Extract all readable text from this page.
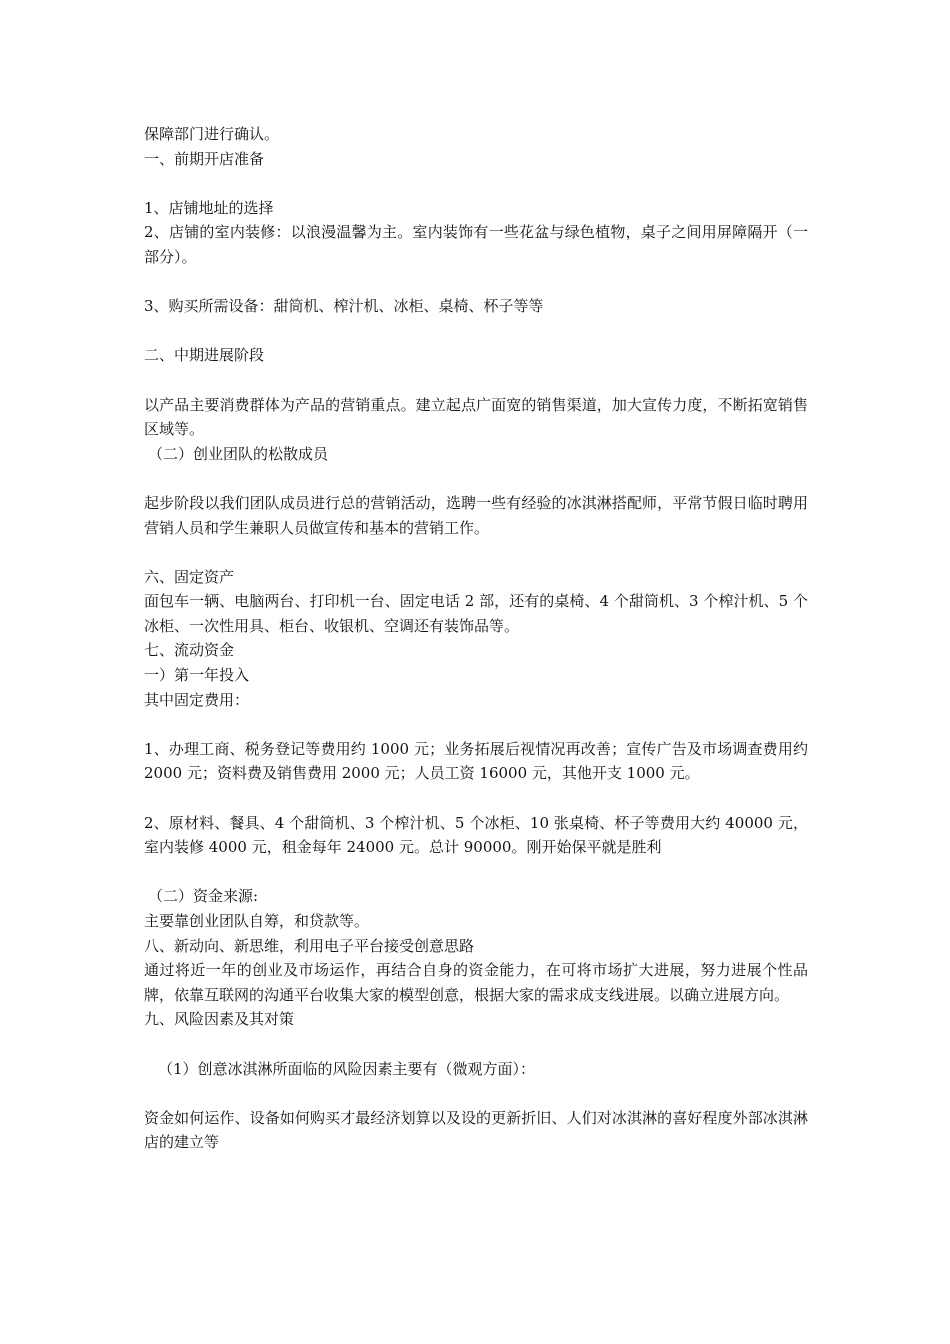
保障部门进行确认。

一、前期开店准备

1、店铺地址的选择

2、店铺的室内装修：以浪漫温馨为主。室内装饰有一些花盆与绿色植物，桌子之间用屏障隔开（一部分）。

3、购买所需设备：甜筒机、榨汁机、冰柜、桌椅、杯子等等

二、中期进展阶段

以产品主要消费群体为产品的营销重点。建立起点广面宽的销售渠道，加大宣传力度，不断拓宽销售区域等。

（二）创业团队的松散成员

起步阶段以我们团队成员进行总的营销活动，选聘一些有经验的冰淇淋搭配师，平常节假日临时聘用营销人员和学生兼职人员做宣传和基本的营销工作。

六、固定资产

面包车一辆、电脑两台、打印机一台、固定电话 2 部，还有的桌椅、4 个甜筒机、3 个榨汁机、5 个冰柜、一次性用具、柜台、收银机、空调还有装饰品等。

七、流动资金

一）第一年投入

其中固定费用：

1、办理工商、税务登记等费用约 1000 元；业务拓展后视情况再改善；宣传广告及市场调查费用约 2000 元；资料费及销售费用 2000 元；人员工资 16000 元，其他开支 1000 元。

2、原材料、餐具、4 个甜筒机、3 个榨汁机、5 个冰柜、10 张桌椅、杯子等费用大约 40000 元，室内装修 4000 元，租金每年 24000 元。总计 90000。刚开始保平就是胜利

（二）资金来源:

主要靠创业团队自筹，和贷款等。

八、新动向、新思维，利用电子平台接受创意思路

通过将近一年的创业及市场运作，再结合自身的资金能力，在可将市场扩大进展，努力进展个性品牌，依靠互联网的沟通平台收集大家的模型创意，根据大家的需求成支线进展。以确立进展方向。

九、风险因素及其对策

（1）创意冰淇淋所面临的风险因素主要有（微观方面）：

资金如何运作、设备如何购买才最经济划算以及设的更新折旧、人们对冰淇淋的喜好程度外部冰淇淋店的建立等
